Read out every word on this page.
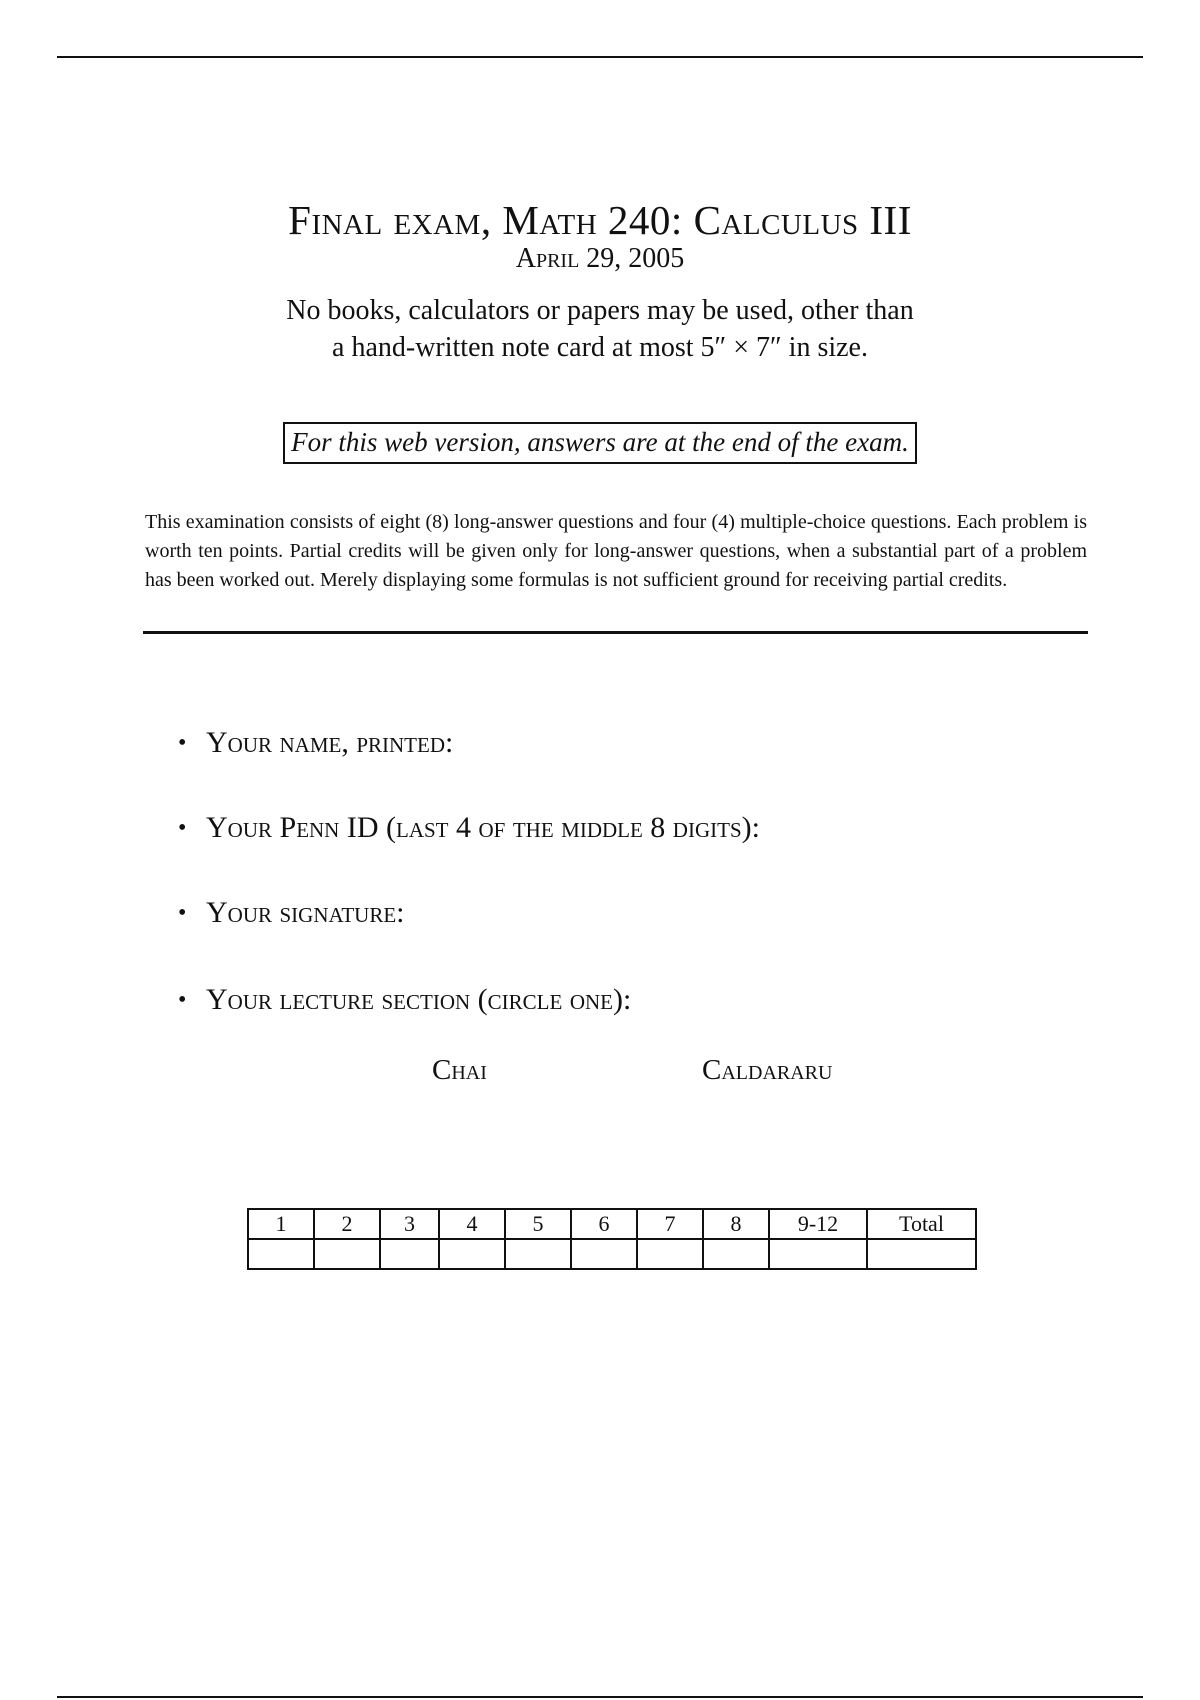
Final exam, Math 240: Calculus III
April 29, 2005
No books, calculators or papers may be used, other than
a hand-written note card at most 5″ × 7″ in size.
For this web version, answers are at the end of the exam.
This examination consists of eight (8) long-answer questions and four (4) multiple-choice questions. Each problem is worth ten points. Partial credits will be given only for long-answer questions, when a substantial part of a problem has been worked out. Merely displaying some formulas is not sufficient ground for receiving partial credits.
• Your name, printed:
• Your Penn ID (last 4 of the middle 8 digits):
• Your signature:
• Your lecture section (circle one):
Chai	Caldararu
1	2	3	4	5	6	7	8	9-12	Total
